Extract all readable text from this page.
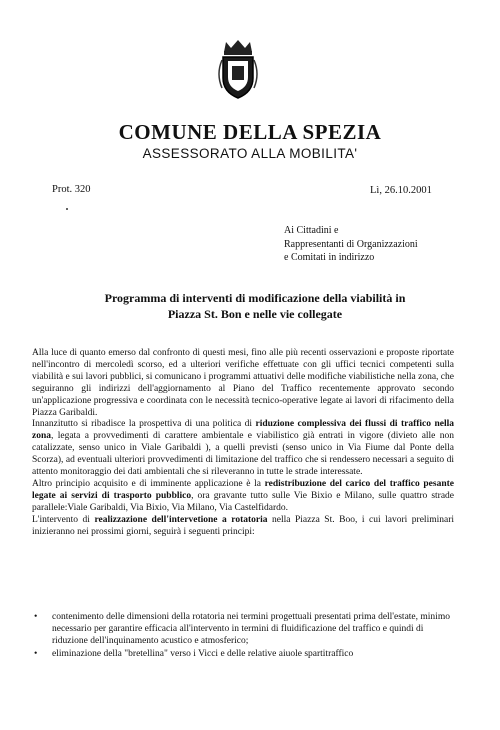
COMUNE DELLA SPEZIA
ASSESSORATO ALLA MOBILITA'
Prot. 320	Lì, 26.10.2001
Ai Cittadini e
Rappresentanti di Organizzazioni
e Comitati in indirizzo
Programma di interventi di modificazione della viabilità in
Piazza St. Bon e nelle vie collegate

Alla luce di quanto emerso dal confronto di questi mesi, fino alle più recenti osservazioni e proposte riportate nell'incontro di mercoledì scorso, ed a ulteriori verifiche effettuate con gli uffici tecnici competenti sulla viabilità e sui lavori pubblici, si comunicano i programmi attuativi delle modifiche viabilistiche nella zona, che seguiranno gli indirizzi dell'aggiornamento al Piano del Traffico recentemente approvato secondo un'applicazione progressiva e coordinata con le necessità tecnico-operative legate ai lavori di rifacimento della Piazza Garibaldi.

Innanzitutto si ribadisce la prospettiva di una politica di riduzione complessiva dei flussi di traffico nella zona, legata a provvedimenti di carattere ambientale e viabilistico già entrati in vigore (divieto alle non catalizzate, senso unico in Viale Garibaldi ), a quelli previsti (senso unico in Via Fiume dal Ponte della Scorza), ad eventuali ulteriori provvedimenti di limitazione del traffico che si rendessero necessari a seguito di attento monitoraggio dei dati ambientali che si rileveranno in tutte le strade interessate.

Altro principio acquisito e di imminente applicazione è la redistribuzione del carico del traffico pesante legate ai servizi di trasporto pubblico, ora gravante tutto sulle Vie Bixio e Milano, sulle quattro strade parallele:Viale Garibaldi, Via Bixio, Via Milano, Via Castelfidardo.

L'intervento di realizzazione dell'intervetione a rotatoria nella Piazza St. Boo, i cui lavori preliminari inizieranno nei prossimi giorni, seguirà i seguenti principi:

• contenimento delle dimensioni della rotatoria nei termini progettuali presentati prima dell'estate, minimo necessario per garantire efficacia all'intervento in termini di fluidificazione del traffico e quindi di riduzione dell'inquinamento acustico e atmosferico;
• eliminazione della "bretellina" verso i Vicci e delle relative aiuole spartitraffico
